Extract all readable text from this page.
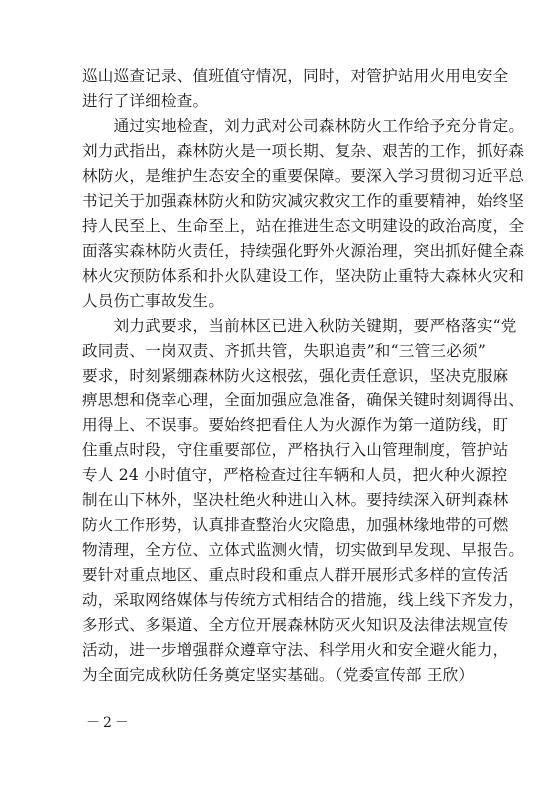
巡山巡查记录、值班值守情况，同时，对管护站用火用电安全
进行了详细检查。
　　通过实地检查，刘力武对公司森林防火工作给予充分肯定。
刘力武指出，森林防火是一项长期、复杂、艰苦的工作，抓好森
林防火，是维护生态安全的重要保障。要深入学习贯彻习近平总
书记关于加强森林防火和防灾减灾救灾工作的重要精神，始终坚
持人民至上、生命至上，站在推进生态文明建设的政治高度，全
面落实森林防火责任，持续强化野外火源治理，突出抓好健全森
林火灾预防体系和扑火队建设工作，坚决防止重特大森林火灾和
人员伤亡事故发生。
　　刘力武要求，当前林区已进入秋防关键期，要严格落实“党
政同责、一岗双责、齐抓共管，失职追责”和“三管三必须”
要求，时刻紧绷森林防火这根弦，强化责任意识，坚决克服麻
痹思想和侥幸心理，全面加强应急准备，确保关键时刻调得出、
用得上、不误事。要始终把看住人为火源作为第一道防线，盯
住重点时段，守住重要部位，严格执行入山管理制度，管护站
专人 24 小时值守，严格检查过往车辆和人员，把火种火源控
制在山下林外，坚决杜绝火种进山入林。要持续深入研判森林
防火工作形势，认真排查整治火灾隐患，加强林缘地带的可燃
物清理，全方位、立体式监测火情，切实做到早发现、早报告。
要针对重点地区、重点时段和重点人群开展形式多样的宣传活
动，采取网络媒体与传统方式相结合的措施，线上线下齐发力，
多形式、多渠道、全方位开展森林防灭火知识及法律法规宣传
活动，进一步增强群众遵章守法、科学用火和安全避火能力，
为全面完成秋防任务奠定坚实基础。（党委宣传部 王欣）
－2－
